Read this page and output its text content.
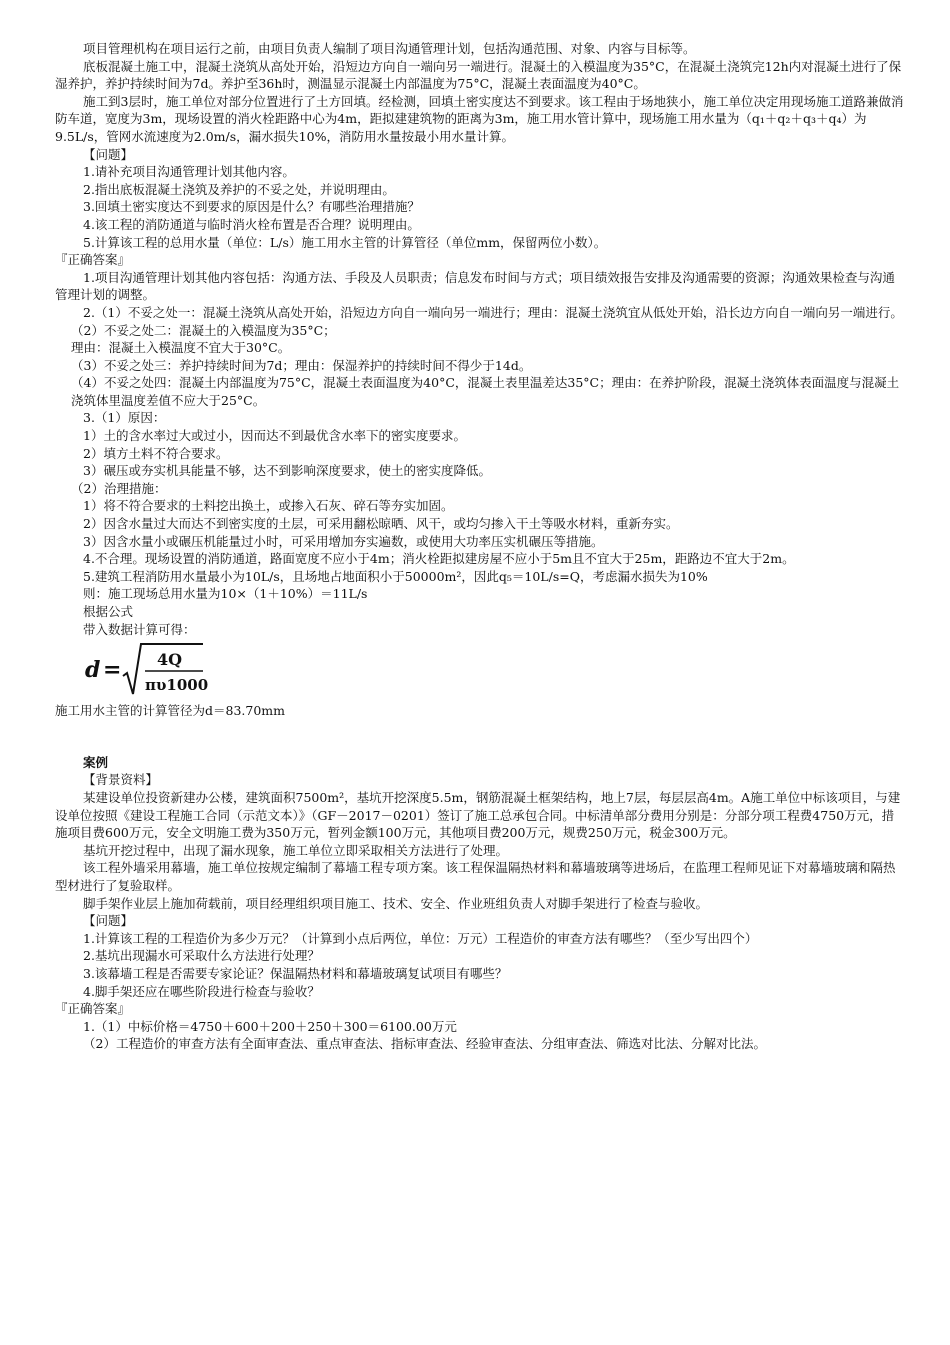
项目管理机构在项目运行之前，由项目负责人编制了项目沟通管理计划，包括沟通范围、对象、内容与目标等。

底板混凝土施工中，混凝土浇筑从高处开始，沿短边方向自一端向另一端进行。混凝土的入模温度为35°C，在混凝土浇筑完12h内对混凝土进行了保湿养护，养护持续时间为7d。养护至36h时，测温显示混凝土内部温度为75°C，混凝土表面温度为40°C。

施工到3层时，施工单位对部分位置进行了土方回填。经检测，回填土密实度达不到要求。该工程由于场地狭小，施工单位决定用现场施工道路兼做消防车道，宽度为3m，现场设置的消火栓距路中心为4m，距拟建建筑物的距离为3m，施工用水管计算中，现场施工用水量为（q₁＋q₂＋q₃＋q₄）为9.5L/s，管网水流速度为2.0m/s，漏水损失10%，消防用水量按最小用水量计算。

【问题】

1.请补充项目沟通管理计划其他内容。

2.指出底板混凝土浇筑及养护的不妥之处，并说明理由。

3.回填土密实度达不到要求的原因是什么？有哪些治理措施？

4.该工程的消防通道与临时消火栓布置是否合理？说明理由。

5.计算该工程的总用水量（单位：L/s）施工用水主管的计算管径（单位mm，保留两位小数）。

『正确答案』

1.项目沟通管理计划其他内容包括：沟通方法、手段及人员职责；信息发布时间与方式；项目绩效报告安排及沟通需要的资源；沟通效果检查与沟通管理计划的调整。

2.（1）不妥之处一：混凝土浇筑从高处开始，沿短边方向自一端向另一端进行；理由：混凝土浇筑宜从低处开始，沿长边方向自一端向另一端进行。

（2）不妥之处二：混凝土的入模温度为35°C；

理由：混凝土入模温度不宜大于30°C。

（3）不妥之处三：养护持续时间为7d；理由：保湿养护的持续时间不得少于14d。

（4）不妥之处四：混凝土内部温度为75°C，混凝土表面温度为40°C，混凝土表里温差达35°C；理由：在养护阶段，混凝土浇筑体表面温度与混凝土浇筑体里温度差值不应大于25°C。

3.（1）原因：

1）土的含水率过大或过小，因而达不到最优含水率下的密实度要求。

2）填方土料不符合要求。

3）碾压或夯实机具能量不够，达不到影响深度要求，使土的密实度降低。

（2）治理措施：

1）将不符合要求的土料挖出换土，或掺入石灰、碎石等夯实加固。

2）因含水量过大而达不到密实度的土层，可采用翻松晾晒、风干，或均匀掺入干土等吸水材料，重新夯实。

3）因含水量小或碾压机能量过小时，可采用增加夯实遍数，或使用大功率压实机碾压等措施。

4.不合理。现场设置的消防通道，路面宽度不应小于4m；消火栓距拟建房屋不应小于5m且不宜大于25m，距路边不宜大于2m。

5.建筑工程消防用水量最小为10L/s，且场地占地面积小于50000m²，因此q₅＝10L/s=Q，考虑漏水损失为10%

则：施工现场总用水量为10×（1＋10%）＝11L/s

根据公式

带入数据计算可得：

d = 4Q
πυ1000

施工用水主管的计算管径为d＝83.70mm

案例

【背景资料】

某建设单位投资新建办公楼，建筑面积7500m²，基坑开挖深度5.5m，钢筋混凝土框架结构，地上7层，每层层高4m。A施工单位中标该项目，与建设单位按照《建设工程施工合同（示范文本）》（GF－2017－0201）签订了施工总承包合同。中标清单部分费用分别是：分部分项工程费4750万元，措施项目费600万元，安全文明施工费为350万元，暂列金额100万元，其他项目费200万元，规费250万元，税金300万元。

基坑开挖过程中，出现了漏水现象，施工单位立即采取相关方法进行了处理。

该工程外墙采用幕墙，施工单位按规定编制了幕墙工程专项方案。该工程保温隔热材料和幕墙玻璃等进场后，在监理工程师见证下对幕墙玻璃和隔热型材进行了复验取样。

脚手架作业层上施加荷载前，项目经理组织项目施工、技术、安全、作业班组负责人对脚手架进行了检查与验收。

【问题】

1.计算该工程的工程造价为多少万元？（计算到小点后两位，单位：万元）工程造价的审查方法有哪些？（至少写出四个）

2.基坑出现漏水可采取什么方法进行处理？

3.该幕墙工程是否需要专家论证？保温隔热材料和幕墙玻璃复试项目有哪些？

4.脚手架还应在哪些阶段进行检查与验收？

『正确答案』

1.（1）中标价格＝4750＋600＋200＋250＋300＝6100.00万元

（2）工程造价的审查方法有全面审查法、重点审查法、指标审查法、经验审查法、分组审查法、筛选对比法、分解对比法。
